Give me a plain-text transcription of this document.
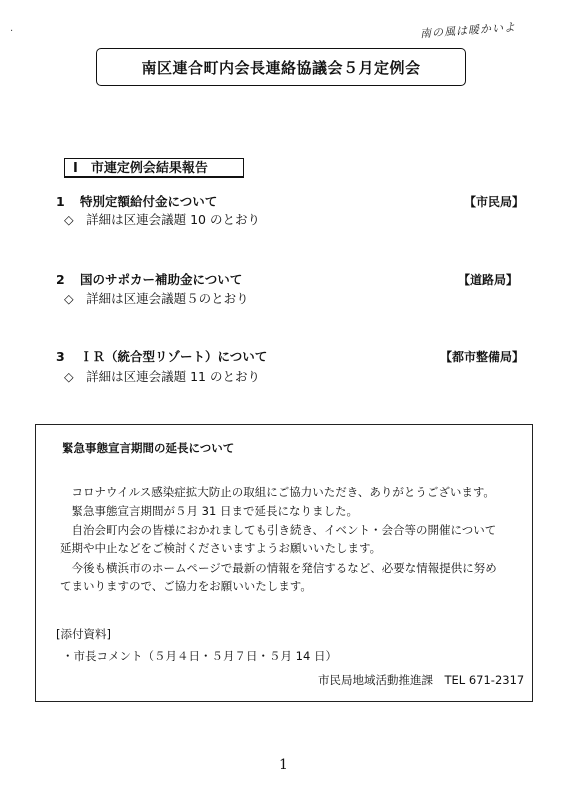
南の風は暖かいよ
·
南区連合町内会長連絡協議会５月定例会
Ⅰ　市連定例会結果報告
1 特別定額給付金について	【市民局】
◇　詳細は区連会議題 10 のとおり
2 国のサポカー補助金について	【道路局】
◇　詳細は区連会議題５のとおり
3 ＩＲ（統合型リゾート）について	【都市整備局】
◇　詳細は区連会議題 11 のとおり
緊急事態宣言期間の延長について
コロナウイルス感染症拡大防止の取組にご協力いただき、ありがとうございます。
緊急事態宣言期間が５月 31 日まで延長になりました。
自治会町内会の皆様におかれましても引き続き、イベント・会合等の開催について延期や中止などをご検討くださいますようお願いいたします。
今後も横浜市のホームページで最新の情報を発信するなど、必要な情報提供に努めてまいりますので、ご協力をお願いいたします。
[添付資料]
・市長コメント（５月４日・５月７日・５月 14 日）
市民局地域活動推進課　TEL 671-2317
1
